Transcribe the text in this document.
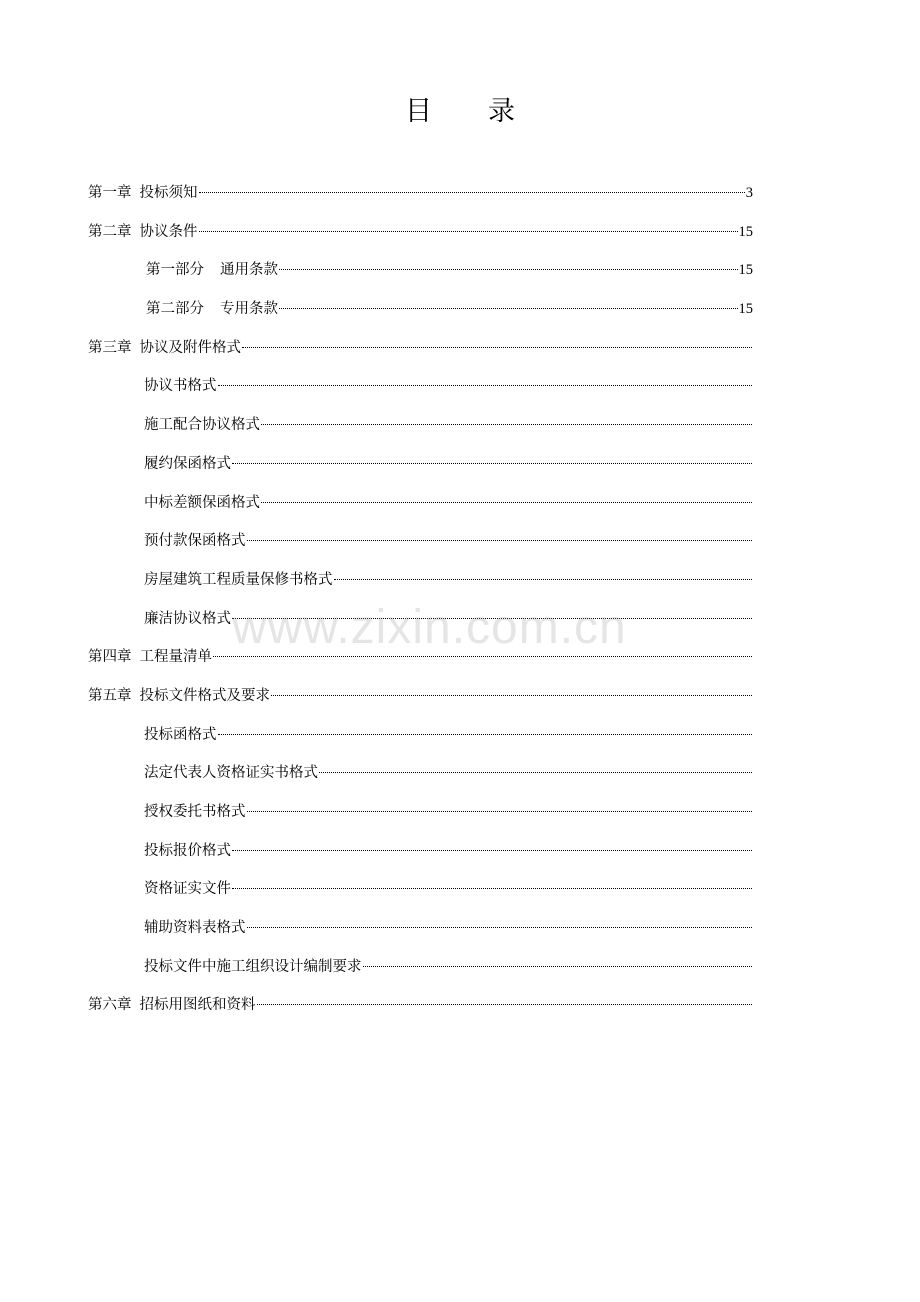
目 录
第一章 投标须知	3
第二章 协议条件	15
第一部分 通用条款	15
第二部分 专用条款	15
第三章 协议及附件格式
协议书格式
施工配合协议格式
履约保函格式
中标差额保函格式
预付款保函格式
房屋建筑工程质量保修书格式
廉洁协议格式
第四章 工程量清单
第五章 投标文件格式及要求
投标函格式
法定代表人资格证实书格式
授权委托书格式
投标报价格式
资格证实文件
辅助资料表格式
投标文件中施工组织设计编制要求
第六章 招标用图纸和资料
www.zixin.com.cn
